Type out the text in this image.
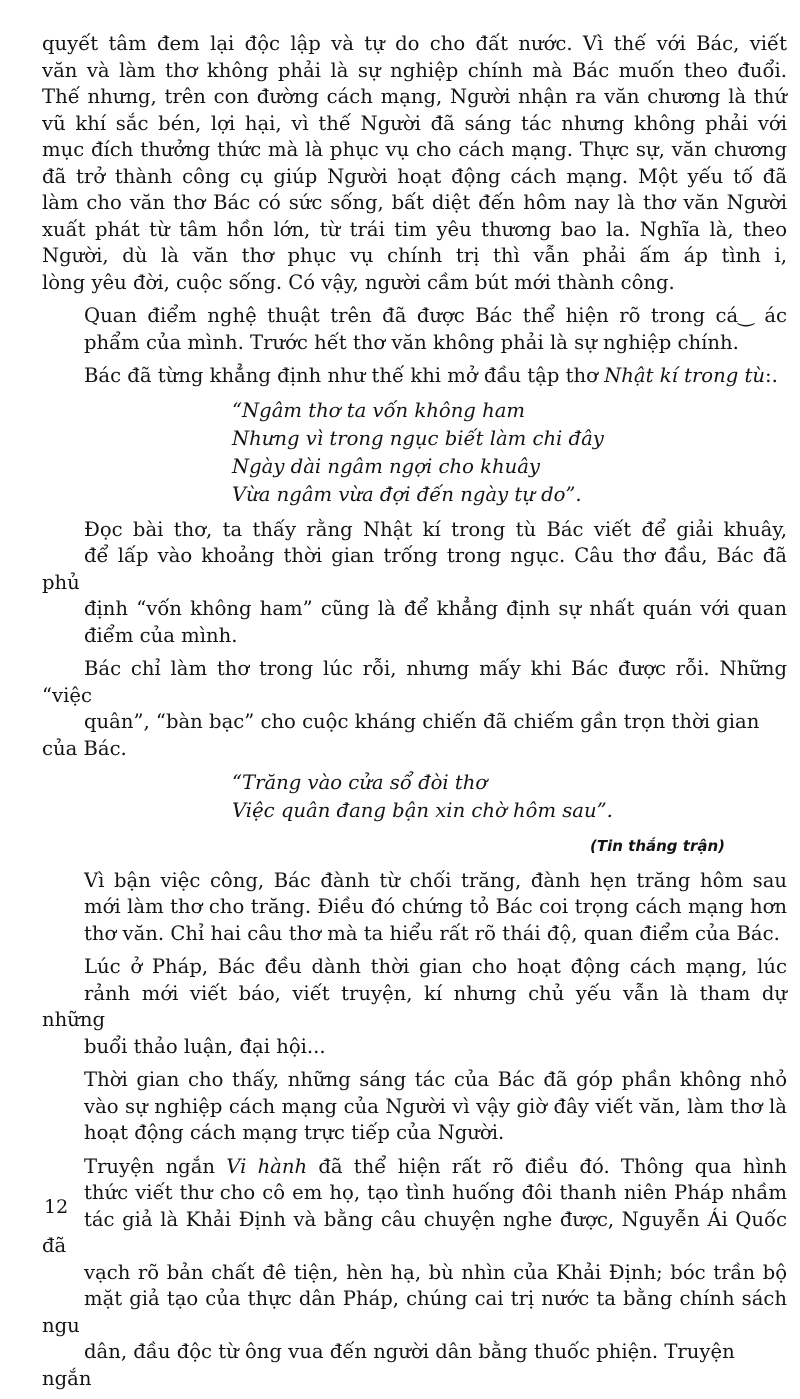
quyết tâm đem lại độc lập và tự do cho đất nước. Vì thế với Bác, viết
văn và làm thơ không phải là sự nghiệp chính mà Bác muốn theo đuổi.
Thế nhưng, trên con đường cách mạng, Người nhận ra văn chương là thứ
vũ khí sắc bén, lợi hại, vì thế Người đã sáng tác nhưng không phải với
mục đích thưởng thức mà là phục vụ cho cách mạng. Thực sự, văn chương
đã trở thành công cụ giúp Người hoạt động cách mạng. Một yếu tố đã
làm cho văn thơ Bác có sức sống, bất diệt đến hôm nay là thơ văn Người
xuất phát từ tâm hồn lớn, từ trái tim yêu thương bao la. Nghĩa là, theo
Người, dù là văn thơ phục vụ chính trị thì vẫn phải ấm áp tình i,
lòng yêu đời, cuộc sống. Có vậy, người cầm bút mới thành công.
Quan điểm nghệ thuật trên đã được Bác thể hiện rõ trong cá‿ ác
phẩm của mình. Trước hết thơ văn không phải là sự nghiệp chính.
Bác đã từng khẳng định như thế khi mở đầu tập thơ Nhật kí trong tù:.
“Ngâm thơ ta vốn không ham
Nhưng vì trong ngục biết làm chi đây
Ngày dài ngâm ngợi cho khuây
Vừa ngâm vừa đợi đến ngày tự do”.
Đọc bài thơ, ta thấy rằng Nhật kí trong tù Bác viết để giải khuây,
để lấp vào khoảng thời gian trống trong ngục. Câu thơ đầu, Bác đã phủ
định “vốn không ham” cũng là để khẳng định sự nhất quán với quan
điểm của mình.
Bác chỉ làm thơ trong lúc rỗi, nhưng mấy khi Bác được rỗi. Những “việc
quân”, “bàn bạc” cho cuộc kháng chiến đã chiếm gần trọn thời gian của Bác.
“Trăng vào cửa sổ đòi thơ
Việc quân đang bận xin chờ hôm sau”.
(Tin thắng trận)
Vì bận việc công, Bác đành từ chối trăng, đành hẹn trăng hôm sau
mới làm thơ cho trăng. Điều đó chứng tỏ Bác coi trọng cách mạng hơn
thơ văn. Chỉ hai câu thơ mà ta hiểu rất rõ thái độ, quan điểm của Bác.
Lúc ở Pháp, Bác đều dành thời gian cho hoạt động cách mạng, lúc
rảnh mới viết báo, viết truyện, kí nhưng chủ yếu vẫn là tham dự những
buổi thảo luận, đại hội...
Thời gian cho thấy, những sáng tác của Bác đã góp phần không nhỏ
vào sự nghiệp cách mạng của Người vì vậy giờ đây viết văn, làm thơ là
hoạt động cách mạng trực tiếp của Người.
Truyện ngắn Vi hành đã thể hiện rất rõ điều đó. Thông qua hình
thức viết thư cho cô em họ, tạo tình huống đôi thanh niên Pháp nhầm
tác giả là Khải Định và bằng câu chuyện nghe được, Nguyễn Ái Quốc đã
vạch rõ bản chất đê tiện, hèn hạ, bù nhìn của Khải Định; bóc trần bộ
mặt giả tạo của thực dân Pháp, chúng cai trị nước ta bằng chính sách ngu
dân, đầu độc từ ông vua đến người dân bằng thuốc phiện. Truyện ngắn
12
